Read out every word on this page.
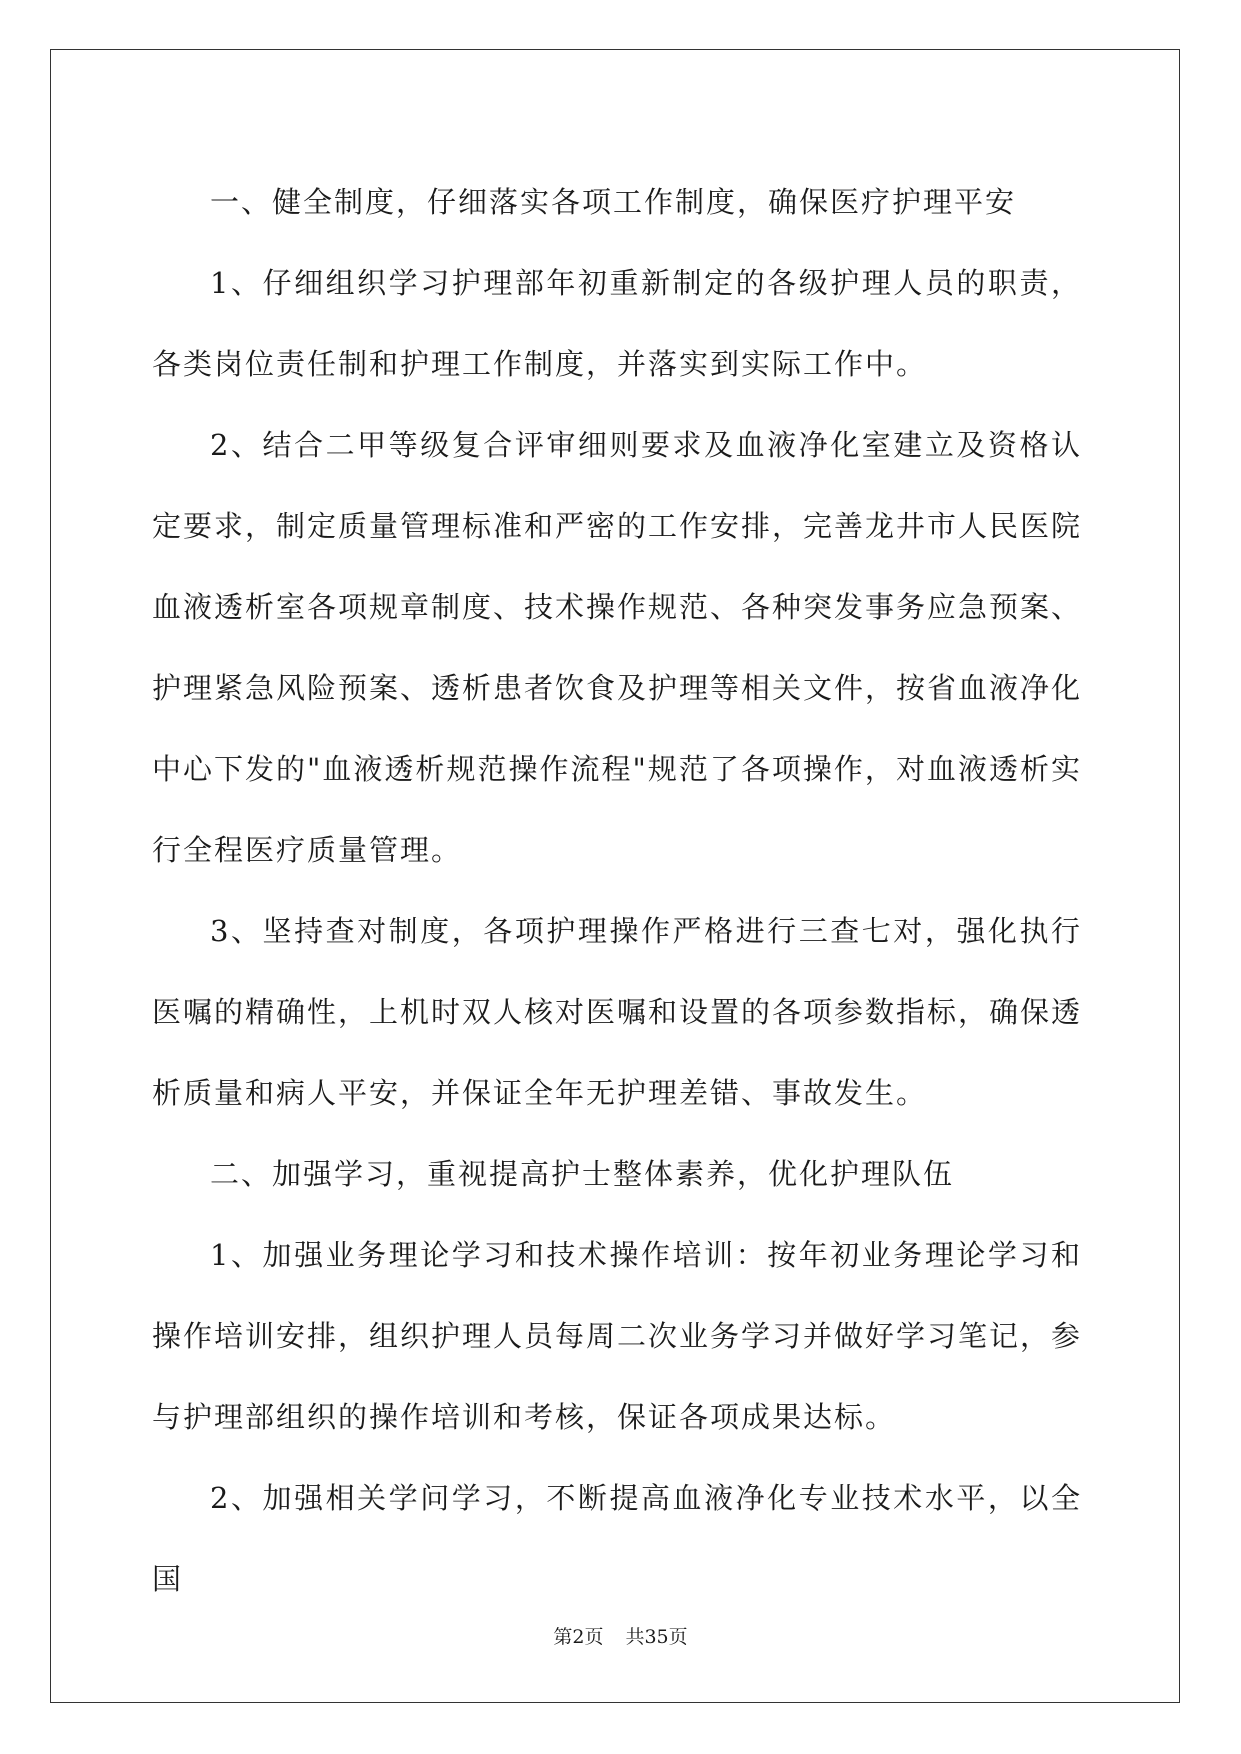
一、健全制度，仔细落实各项工作制度，确保医疗护理平安

1、仔细组织学习护理部年初重新制定的各级护理人员的职责，各类岗位责任制和护理工作制度，并落实到实际工作中。

2、结合二甲等级复合评审细则要求及血液净化室建立及资格认定要求，制定质量管理标准和严密的工作安排，完善龙井市人民医院血液透析室各项规章制度、技术操作规范、各种突发事务应急预案、护理紧急风险预案、透析患者饮食及护理等相关文件，按省血液净化中心下发的"血液透析规范操作流程"规范了各项操作，对血液透析实行全程医疗质量管理。

3、坚持查对制度，各项护理操作严格进行三查七对，强化执行医嘱的精确性，上机时双人核对医嘱和设置的各项参数指标，确保透析质量和病人平安，并保证全年无护理差错、事故发生。

二、加强学习，重视提高护士整体素养，优化护理队伍

1、加强业务理论学习和技术操作培训：按年初业务理论学习和操作培训安排，组织护理人员每周二次业务学习并做好学习笔记，参与护理部组织的操作培训和考核，保证各项成果达标。

2、加强相关学问学习，不断提高血液净化专业技术水平，以全国

第2页 共35页
